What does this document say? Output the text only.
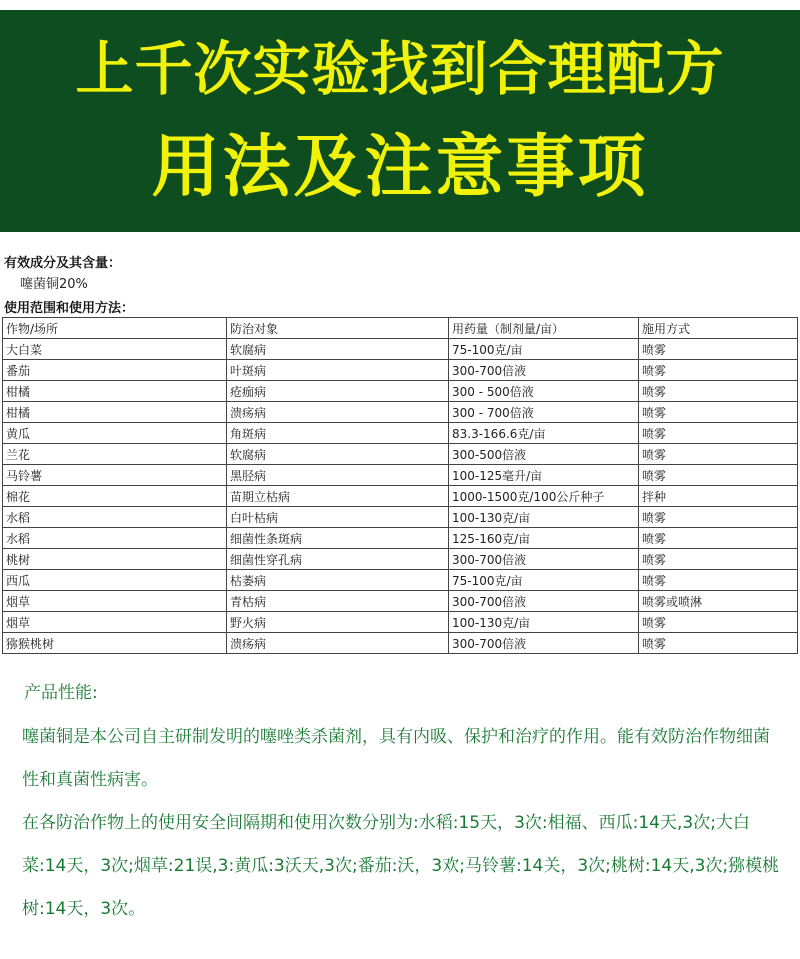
上千次实验找到合理配方
用法及注意事项
有效成分及其含量：
噻菌铜20%
使用范围和使用方法：
作物/场所	防治对象	用药量（制剂量/亩）	施用方式
大白菜	软腐病	75-100克/亩	喷雾
番茄	叶斑病	300-700倍液	喷雾
柑橘	疮痂病	300 - 500倍液	喷雾
柑橘	溃疡病	300 - 700倍液	喷雾
黄瓜	角斑病	83.3-166.6克/亩	喷雾
兰花	软腐病	300-500倍液	喷雾
马铃薯	黑胫病	100-125毫升/亩	喷雾
棉花	苗期立枯病	1000-1500克/100公斤种子	拌种
水稻	白叶枯病	100-130克/亩	喷雾
水稻	细菌性条斑病	125-160克/亩	喷雾
桃树	细菌性穿孔病	300-700倍液	喷雾
西瓜	枯萎病	75-100克/亩	喷雾
烟草	青枯病	300-700倍液	喷雾或喷淋
烟草	野火病	100-130克/亩	喷雾
猕猴桃树	溃疡病	300-700倍液	喷雾

产品性能:

噻菌铜是本公司自主研制发明的噻唑类杀菌剂，具有内吸、保护和治疗的作用。能有效防治作物细菌性和真菌性病害。

在各防治作物上的使用安全间隔期和使用次数分别为:水稻:15天，3次:相福、西瓜:14天,3次;大白菜:14天，3次;烟草:21误,3:黄瓜:3沃天,3次;番茄:沃，3欢;马铃薯:14关，3次;桃树:14天,3次;猕模桃树:14天，3次。
